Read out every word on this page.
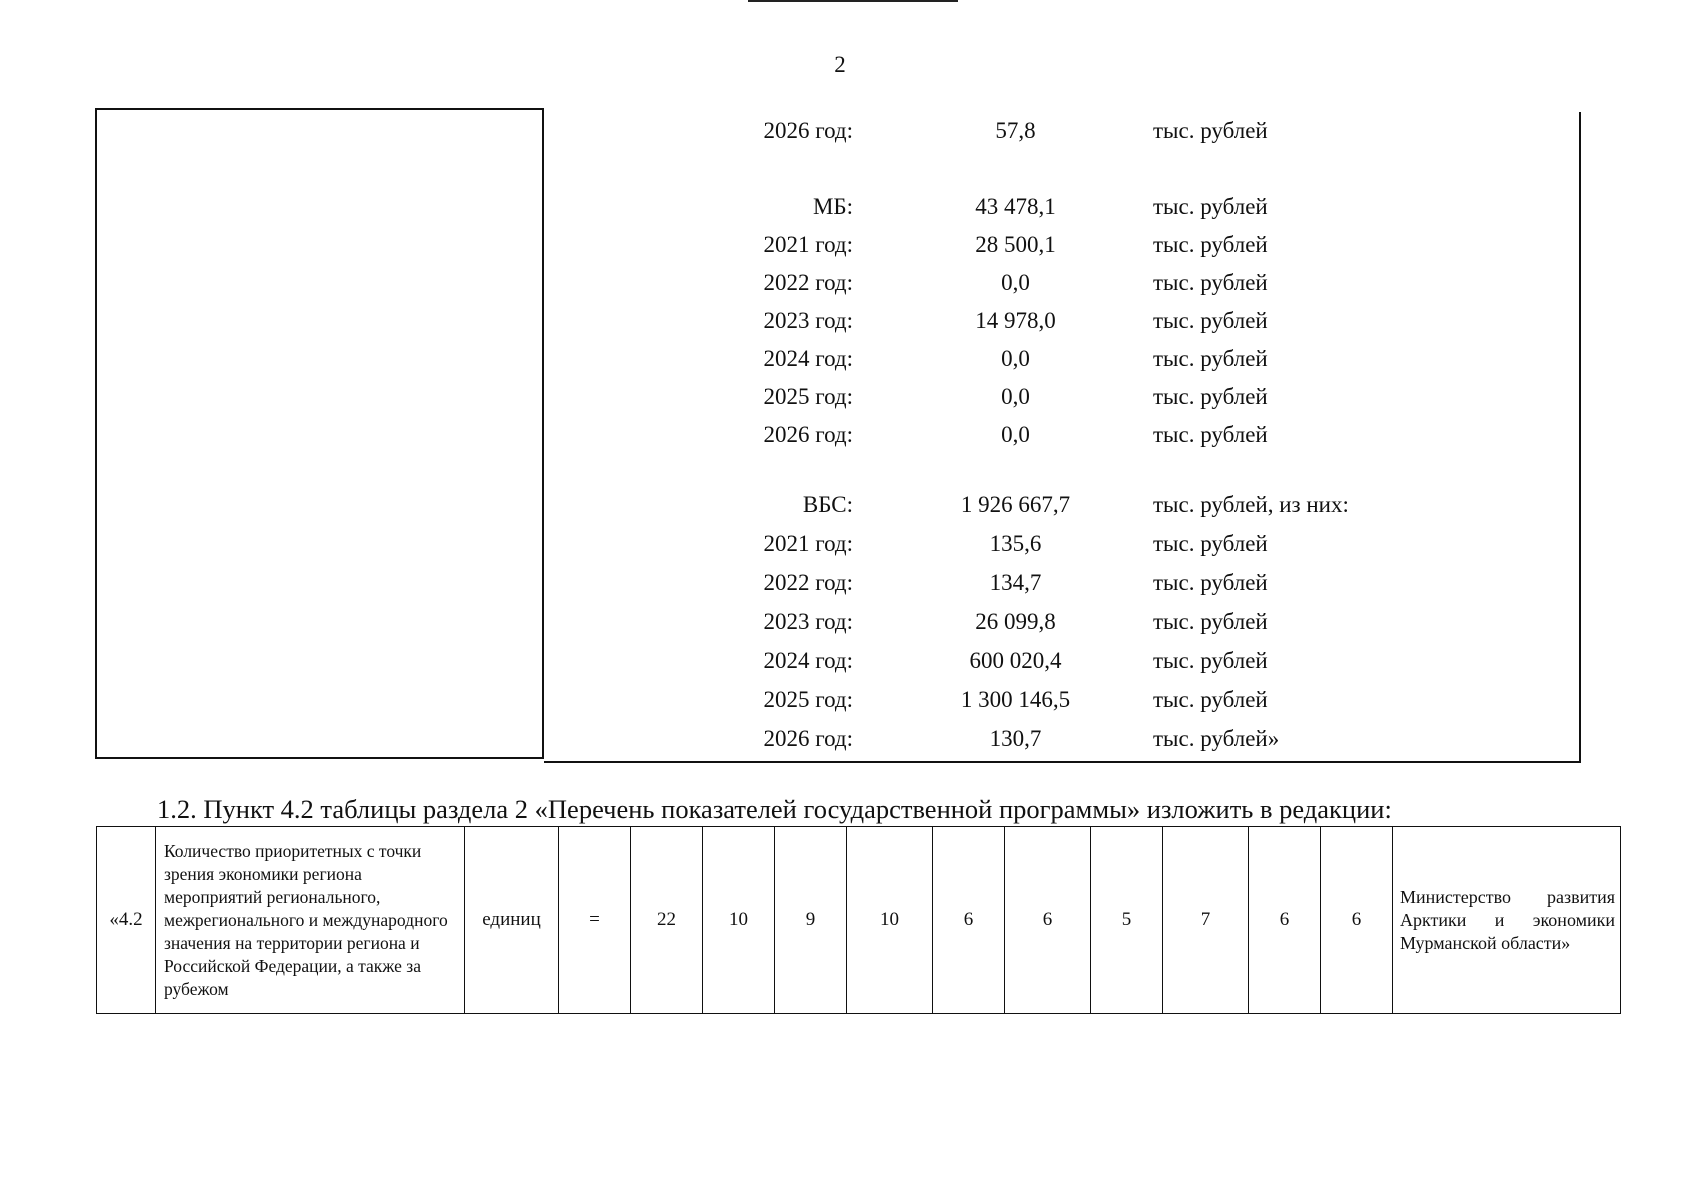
2
2026 год:	57,8	тыс. рублей
МБ:	43 478,1	тыс. рублей
2021 год:	28 500,1	тыс. рублей
2022 год:	0,0	тыс. рублей
2023 год:	14 978,0	тыс. рублей
2024 год:	0,0	тыс. рублей
2025 год:	0,0	тыс. рублей
2026 год:	0,0	тыс. рублей
ВБС:	1 926 667,7	тыс. рублей, из них:
2021 год:	135,6	тыс. рублей
2022 год:	134,7	тыс. рублей
2023 год:	26 099,8	тыс. рублей
2024 год:	600 020,4	тыс. рублей
2025 год:	1 300 146,5	тыс. рублей
2026 год:	130,7	тыс. рублей»
1.2. Пункт 4.2 таблицы раздела 2 «Перечень показателей государственной программы» изложить в редакции:
«4.2	Количество приоритетных с точки зрения экономики региона мероприятий регионального, межрегионального и международного значения на территории региона и Российской Федерации, а также за рубежом	единиц	=	22	10	9	10	6	6	5	7	6	6	Министерство развития Арктики и экономики Мурманской области»
